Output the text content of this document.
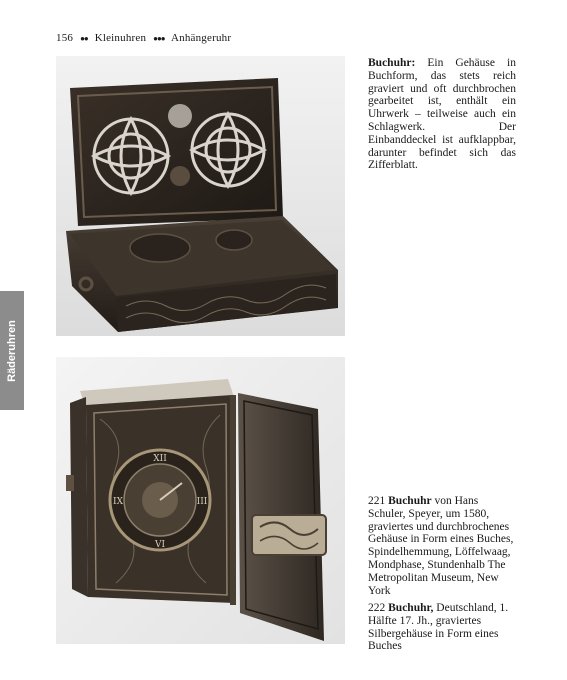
156 ●● Kleinuhren ●●● Anhängeruhr
Räderuhren
XII
VI
III
IX
Buchuhr: Ein Gehäuse in Buchform, das stets reich graviert und oft durchbrochen gearbeitet ist, enthält ein Uhrwerk – teilweise auch ein Schlagwerk. Der Einbanddeckel ist aufklappbar, darunter befindet sich das Zifferblatt.
221 Buchuhr von Hans Schuler, Speyer, um 1580, graviertes und durchbrochenes Gehäuse in Form eines Buches, Spindelhemmung, Löffelwaag, Mondphase, Stundenhalb The Metropolitan Museum, New York
222 Buchuhr, Deutschland, 1. Hälfte 17. Jh., graviertes Silbergehäuse in Form eines Buches
